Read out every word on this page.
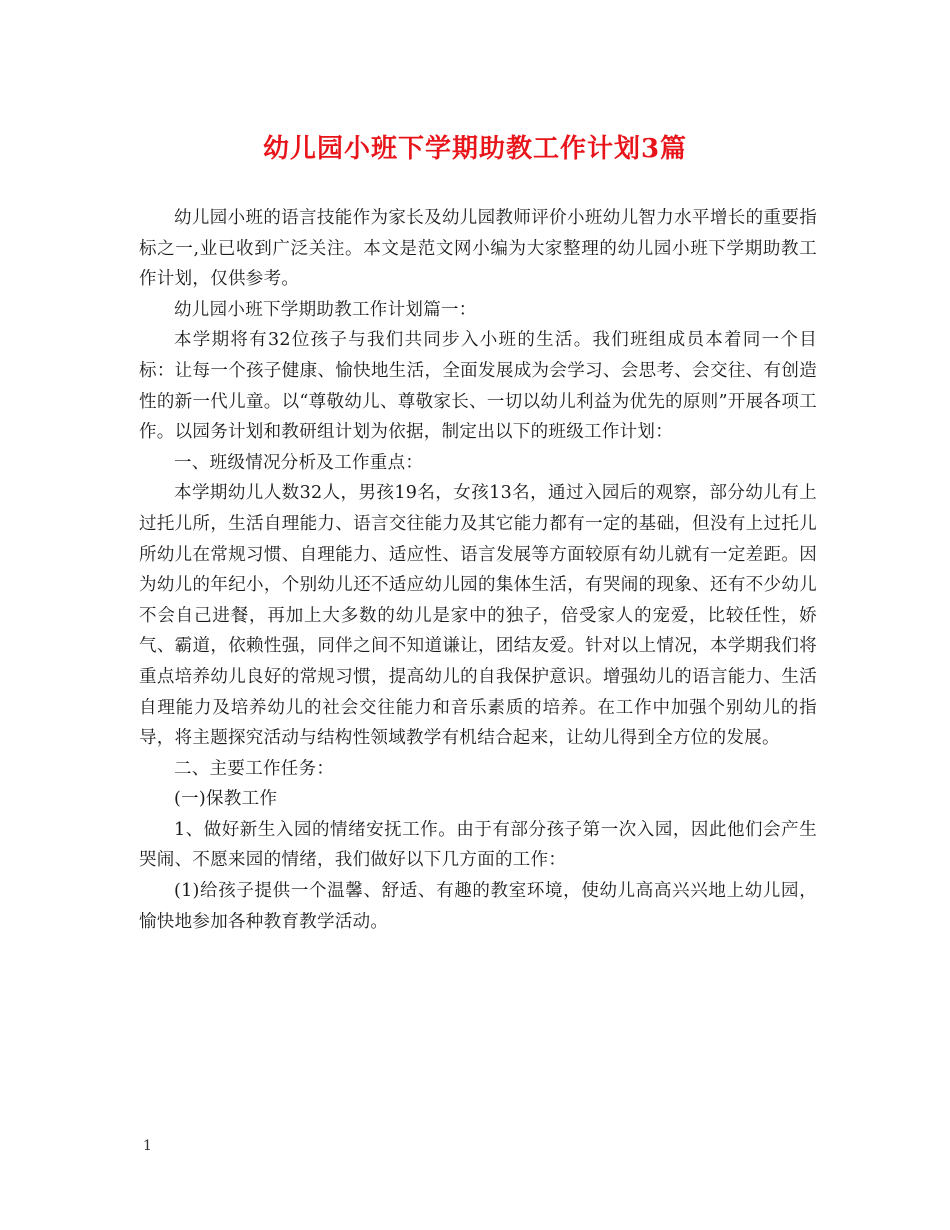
幼儿园小班下学期助教工作计划3篇

幼儿园小班的语言技能作为家长及幼儿园教师评价小班幼儿智力水平增长的重要指标之一,业已收到广泛关注。本文是范文网小编为大家整理的幼儿园小班下学期助教工作计划，仅供参考。

幼儿园小班下学期助教工作计划篇一：

本学期将有32位孩子与我们共同步入小班的生活。我们班组成员本着同一个目标：让每一个孩子健康、愉快地生活，全面发展成为会学习、会思考、会交往、有创造性的新一代儿童。以“尊敬幼儿、尊敬家长、一切以幼儿利益为优先的原则”开展各项工作。以园务计划和教研组计划为依据，制定出以下的班级工作计划：

一、班级情况分析及工作重点：

本学期幼儿人数32人，男孩19名，女孩13名，通过入园后的观察，部分幼儿有上过托儿所，生活自理能力、语言交往能力及其它能力都有一定的基础，但没有上过托儿所幼儿在常规习惯、自理能力、适应性、语言发展等方面较原有幼儿就有一定差距。因为幼儿的年纪小，个别幼儿还不适应幼儿园的集体生活，有哭闹的现象、还有不少幼儿不会自己进餐，再加上大多数的幼儿是家中的独子，倍受家人的宠爱，比较任性，娇气、霸道，依赖性强，同伴之间不知道谦让，团结友爱。针对以上情况，本学期我们将重点培养幼儿良好的常规习惯，提高幼儿的自我保护意识。增强幼儿的语言能力、生活自理能力及培养幼儿的社会交往能力和音乐素质的培养。在工作中加强个别幼儿的指导，将主题探究活动与结构性领域教学有机结合起来，让幼儿得到全方位的发展。

二、主要工作任务：

(一)保教工作

1、做好新生入园的情绪安抚工作。由于有部分孩子第一次入园，因此他们会产生哭闹、不愿来园的情绪，我们做好以下几方面的工作：

(1)给孩子提供一个温馨、舒适、有趣的教室环境，使幼儿高高兴兴地上幼儿园，愉快地参加各种教育教学活动。

1
